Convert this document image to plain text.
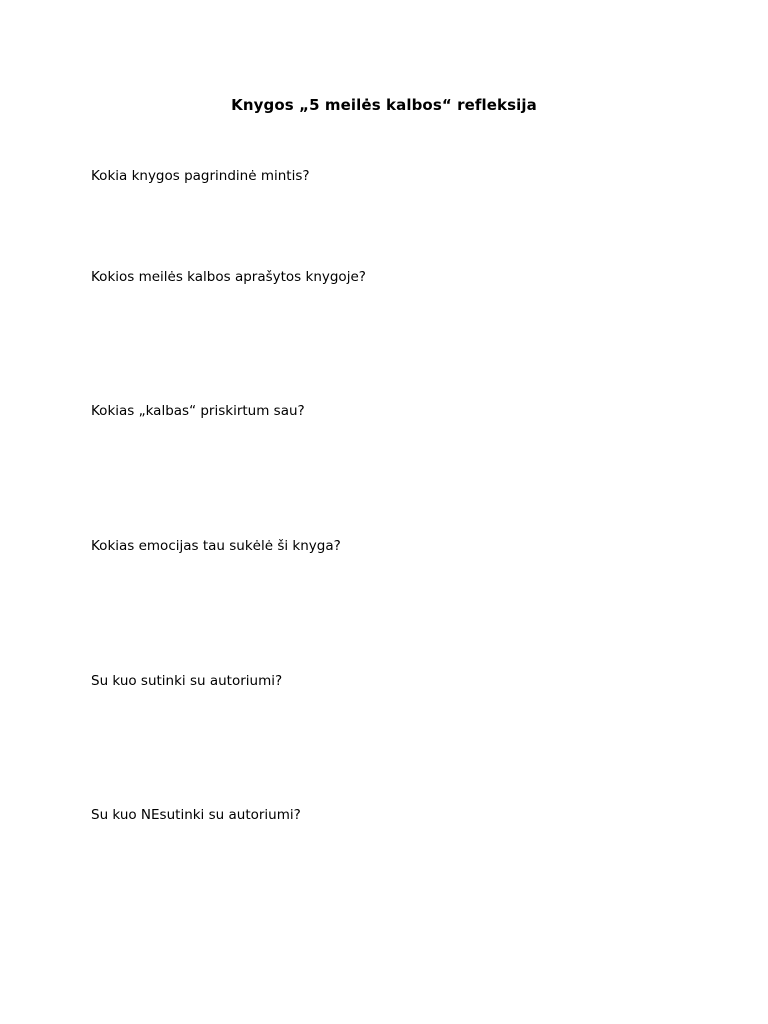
Knygos „5 meilės kalbos“ refleksija
Kokia knygos pagrindinė mintis?
Kokios meilės kalbos aprašytos knygoje?
Kokias „kalbas“ priskirtum sau?
Kokias emocijas tau sukėlė ši knyga?
Su kuo sutinki su autoriumi?
Su kuo NEsutinki su autoriumi?
